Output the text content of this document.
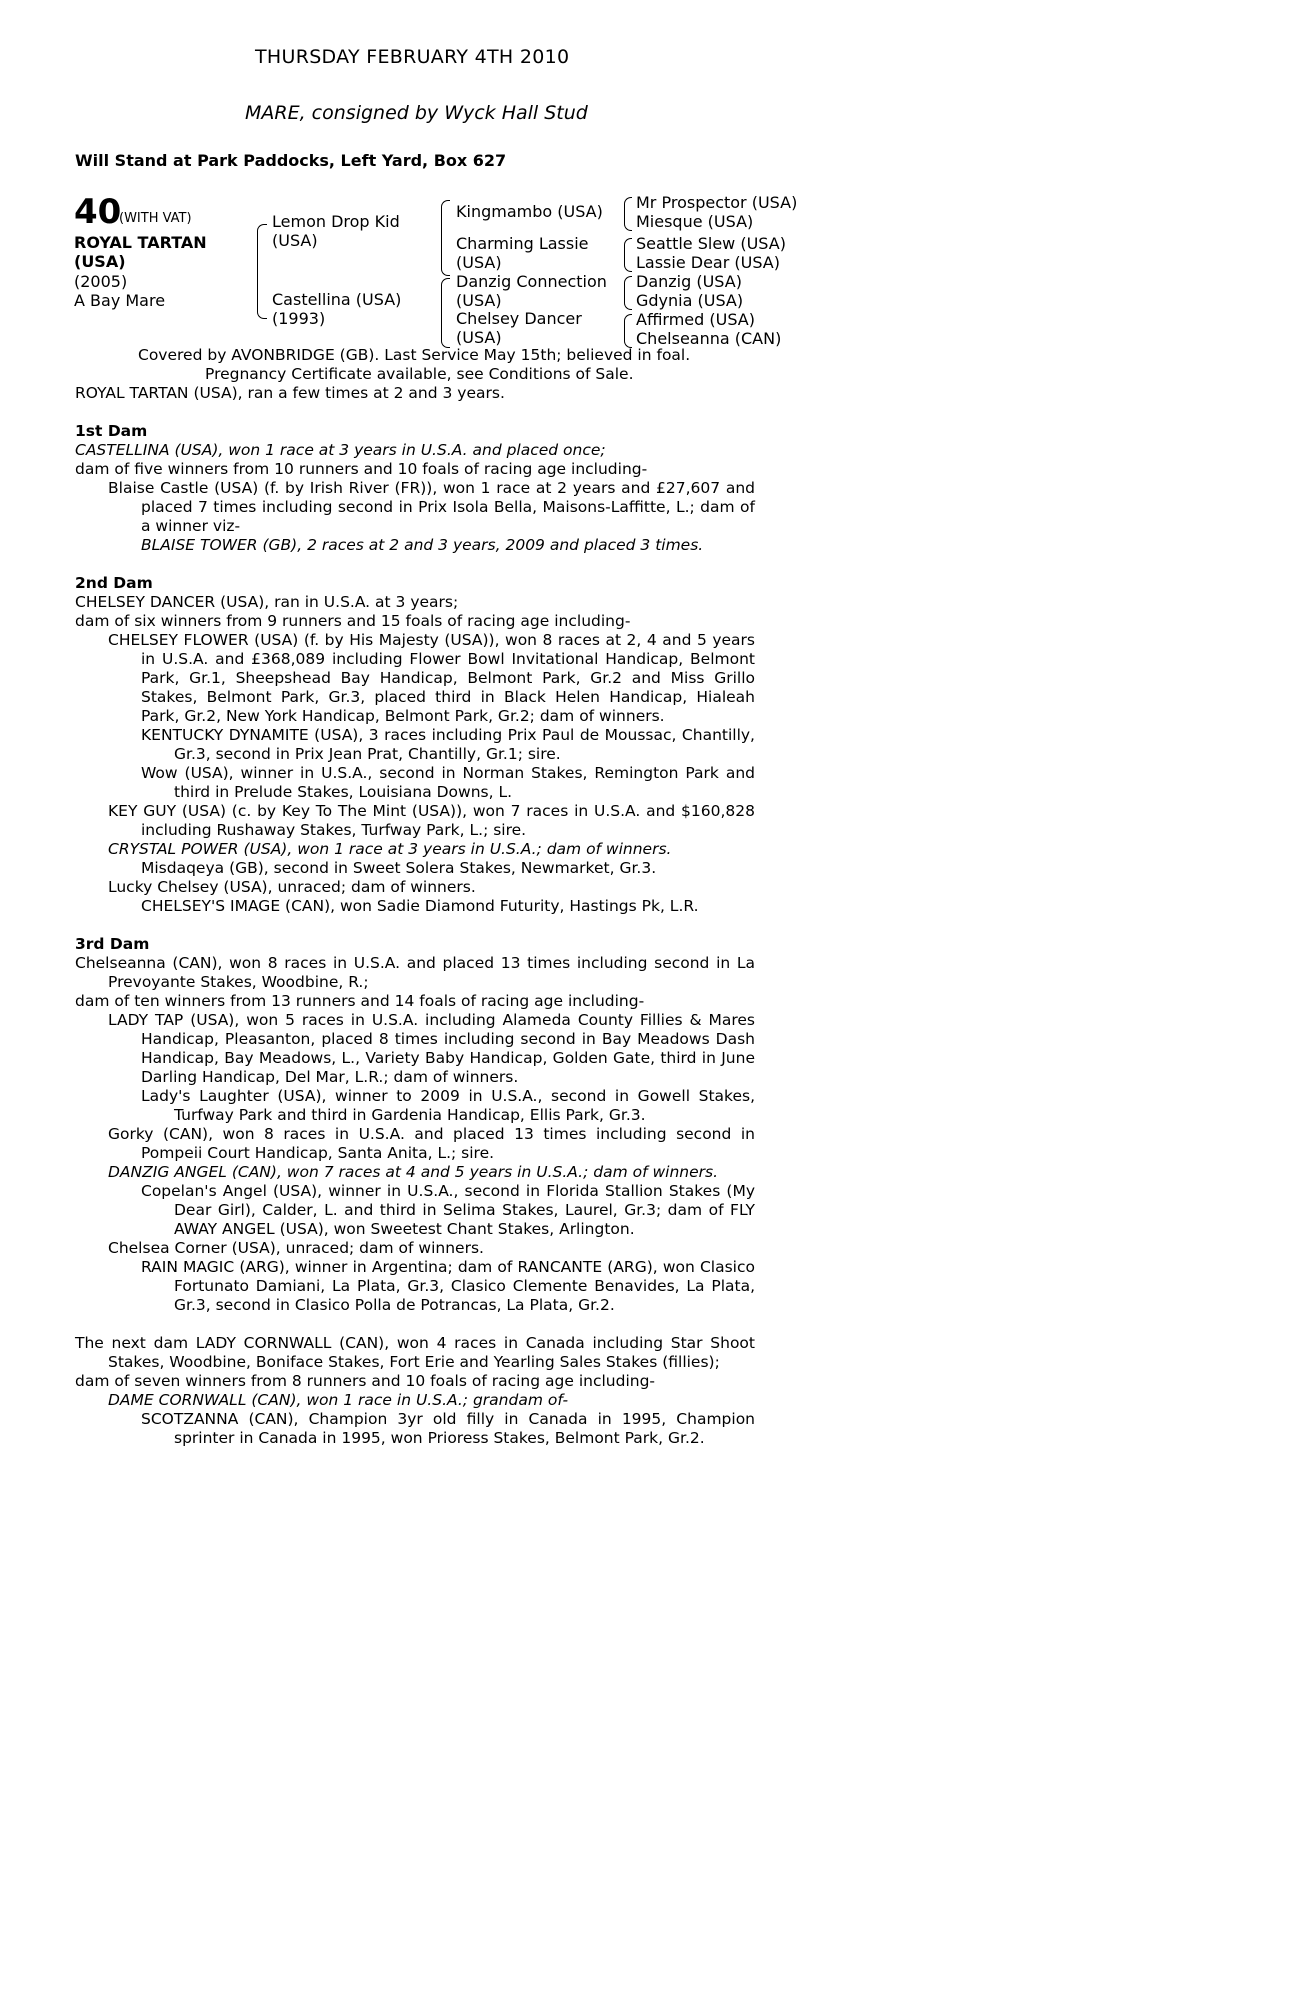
THURSDAY FEBRUARY 4TH 2010
MARE, consigned by Wyck Hall Stud
Will Stand at Park Paddocks, Left Yard, Box 627
40
(WITH VAT)
ROYAL TARTAN (USA)
(2005)
A Bay Mare
Lemon Drop Kid (USA)
Castellina (USA) (1993)
Kingmambo (USA)
Charming Lassie (USA)
Danzig Connection (USA)
Chelsey Dancer (USA)
Mr Prospector (USA)
Miesque (USA)
Seattle Slew (USA)
Lassie Dear (USA)
Danzig (USA)
Gdynia (USA)
Affirmed (USA)
Chelseanna (CAN)

Covered by AVONBRIDGE (GB). Last Service May 15th; believed in foal.

Pregnancy Certificate available, see Conditions of Sale.

ROYAL TARTAN (USA), ran a few times at 2 and 3 years.

1st Dam

CASTELLINA (USA), won 1 race at 3 years in U.S.A. and placed once;

dam of five winners from 10 runners and 10 foals of racing age including-

Blaise Castle (USA) (f. by Irish River (FR)), won 1 race at 2 years and £27,607 and placed 7 times including second in Prix Isola Bella, Maisons-Laffitte, L.; dam of a winner viz-

BLAISE TOWER (GB), 2 races at 2 and 3 years, 2009 and placed 3 times.

2nd Dam

CHELSEY DANCER (USA), ran in U.S.A. at 3 years;

dam of six winners from 9 runners and 15 foals of racing age including-

CHELSEY FLOWER (USA) (f. by His Majesty (USA)), won 8 races at 2, 4 and 5 years in U.S.A. and £368,089 including Flower Bowl Invitational Handicap, Belmont Park, Gr.1, Sheepshead Bay Handicap, Belmont Park, Gr.2 and Miss Grillo Stakes, Belmont Park, Gr.3, placed third in Black Helen Handicap, Hialeah Park, Gr.2, New York Handicap, Belmont Park, Gr.2; dam of winners.

KENTUCKY DYNAMITE (USA), 3 races including Prix Paul de Moussac, Chantilly, Gr.3, second in Prix Jean Prat, Chantilly, Gr.1; sire.

Wow (USA), winner in U.S.A., second in Norman Stakes, Remington Park and third in Prelude Stakes, Louisiana Downs, L.

KEY GUY (USA) (c. by Key To The Mint (USA)), won 7 races in U.S.A. and $160,828 including Rushaway Stakes, Turfway Park, L.; sire.

CRYSTAL POWER (USA), won 1 race at 3 years in U.S.A.; dam of winners.

Misdaqeya (GB), second in Sweet Solera Stakes, Newmarket, Gr.3.

Lucky Chelsey (USA), unraced; dam of winners.

CHELSEY'S IMAGE (CAN), won Sadie Diamond Futurity, Hastings Pk, L.R.

3rd Dam

Chelseanna (CAN), won 8 races in U.S.A. and placed 13 times including second in La Prevoyante Stakes, Woodbine, R.;

dam of ten winners from 13 runners and 14 foals of racing age including-

LADY TAP (USA), won 5 races in U.S.A. including Alameda County Fillies & Mares Handicap, Pleasanton, placed 8 times including second in Bay Meadows Dash Handicap, Bay Meadows, L., Variety Baby Handicap, Golden Gate, third in June Darling Handicap, Del Mar, L.R.; dam of winners.

Lady's Laughter (USA), winner to 2009 in U.S.A., second in Gowell Stakes, Turfway Park and third in Gardenia Handicap, Ellis Park, Gr.3.

Gorky (CAN), won 8 races in U.S.A. and placed 13 times including second in Pompeii Court Handicap, Santa Anita, L.; sire.

DANZIG ANGEL (CAN), won 7 races at 4 and 5 years in U.S.A.; dam of winners.

Copelan's Angel (USA), winner in U.S.A., second in Florida Stallion Stakes (My Dear Girl), Calder, L. and third in Selima Stakes, Laurel, Gr.3; dam of FLY AWAY ANGEL (USA), won Sweetest Chant Stakes, Arlington.

Chelsea Corner (USA), unraced; dam of winners.

RAIN MAGIC (ARG), winner in Argentina; dam of RANCANTE (ARG), won Clasico Fortunato Damiani, La Plata, Gr.3, Clasico Clemente Benavides, La Plata, Gr.3, second in Clasico Polla de Potrancas, La Plata, Gr.2.

The next dam LADY CORNWALL (CAN), won 4 races in Canada including Star Shoot Stakes, Woodbine, Boniface Stakes, Fort Erie and Yearling Sales Stakes (fillies);

dam of seven winners from 8 runners and 10 foals of racing age including-

DAME CORNWALL (CAN), won 1 race in U.S.A.; grandam of-

SCOTZANNA (CAN), Champion 3yr old filly in Canada in 1995, Champion sprinter in Canada in 1995, won Prioress Stakes, Belmont Park, Gr.2.
